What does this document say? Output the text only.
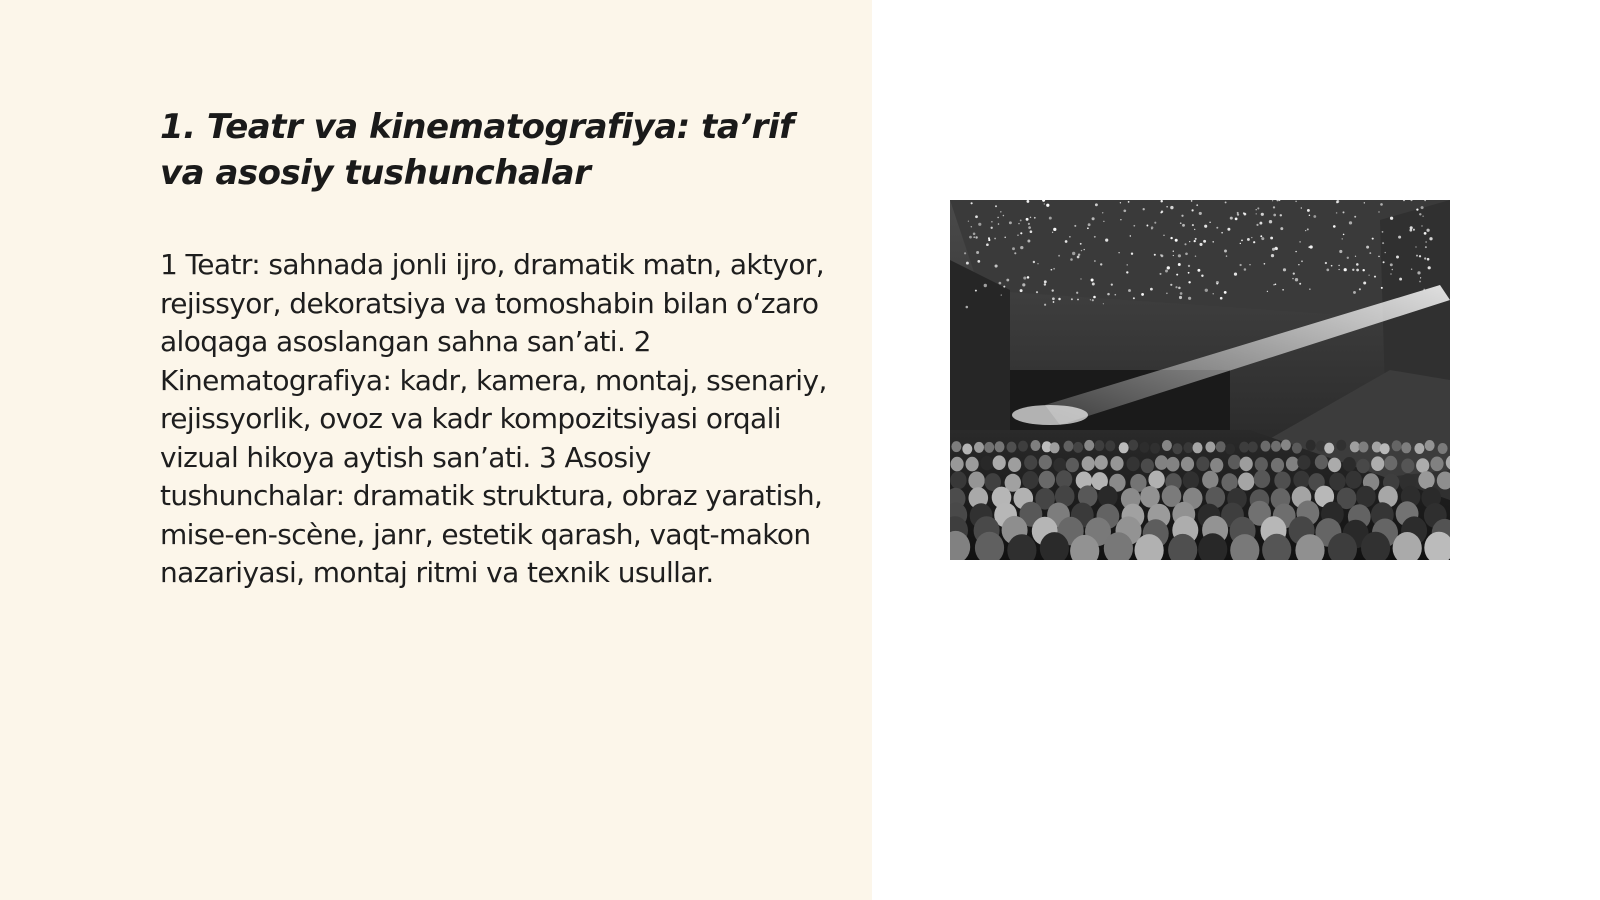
1. Teatr va kinematografiya: ta’rif va asosiy tushunchalar

1 Teatr: sahnada jonli ijro, dramatik matn, aktyor, rejissyor, dekoratsiya va tomoshabin bilan o‘zaro aloqaga asoslangan sahna san’ati. 2 Kinematografiya: kadr, kamera, montaj, ssenariy, rejissyorlik, ovoz va kadr kompozitsiyasi orqali vizual hikoya aytish san’ati. 3 Asosiy tushunchalar: dramatik struktura, obraz yaratish, mise-en-scène, janr, estetik qarash, vaqt-makon nazariyasi, montaj ritmi va texnik usullar.
